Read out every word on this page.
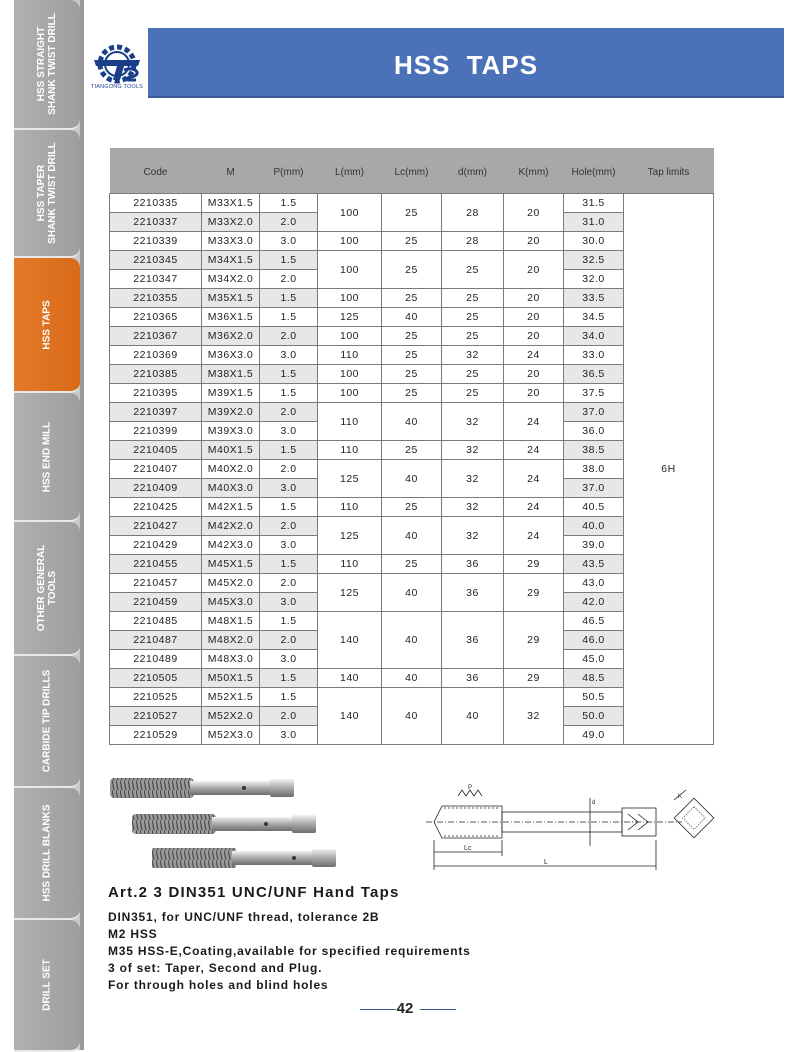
HSS STRAIGHT
SHANK TWIST DRILL
HSS TAPER
SHANK TWIST DRILL
HSS TAPS
HSS END MILL
OTHER GENERAL
TOOLS
CARBIDE TIP DRILLS
HSS DRILL BLANKS
DRILL SET
TIANGONG TOOLS
HSS TAPS
Code	M	P(mm)	L(mm)	Lc(mm)	d(mm)	K(mm)	Hole(mm)	Tap limits
2210335	M33X1.5	1.5	100	25	28	20	31.5	6H
2210337	M33X2.0	2.0					31.0	
2210339	M33X3.0	3.0	100	25	28	20	30.0	
2210345	M34X1.5	1.5	100	25	25	20	32.5	
2210347	M34X2.0	2.0					32.0	
2210355	M35X1.5	1.5	100	25	25	20	33.5	
2210365	M36X1.5	1.5	125	40	25	20	34.5	
2210367	M36X2.0	2.0	100	25	25	20	34.0	
2210369	M36X3.0	3.0	110	25	32	24	33.0	
2210385	M38X1.5	1.5	100	25	25	20	36.5	
2210395	M39X1.5	1.5	100	25	25	20	37.5	
2210397	M39X2.0	2.0	110	40	32	24	37.0	
2210399	M39X3.0	3.0					36.0	
2210405	M40X1.5	1.5	110	25	32	24	38.5	
2210407	M40X2.0	2.0	125	40	32	24	38.0	
2210409	M40X3.0	3.0					37.0	
2210425	M42X1.5	1.5	110	25	32	24	40.5	
2210427	M42X2.0	2.0	125	40	32	24	40.0	
2210429	M42X3.0	3.0					39.0	
2210455	M45X1.5	1.5	110	25	36	29	43.5	
2210457	M45X2.0	2.0	125	40	36	29	43.0	
2210459	M45X3.0	3.0					42.0	
2210485	M48X1.5	1.5	140	40	36	29	46.5	
2210487	M48X2.0	2.0					46.0	
2210489	M48X3.0	3.0					45.0	
2210505	M50X1.5	1.5	140	40	36	29	48.5	
2210525	M52X1.5	1.5	140	40	40	32	50.5	
2210527	M52X2.0	2.0					50.0	
2210529	M52X3.0	3.0					49.0	
P
d
K
Lc
L
Art.2 3 DIN351 UNC/UNF Hand Taps
DIN351, for UNC/UNF thread, tolerance 2B
M2 HSS
M35 HSS-E,Coating,available for specified requirements
3 of set: Taper, Second and Plug.
For through holes and blind holes
42
